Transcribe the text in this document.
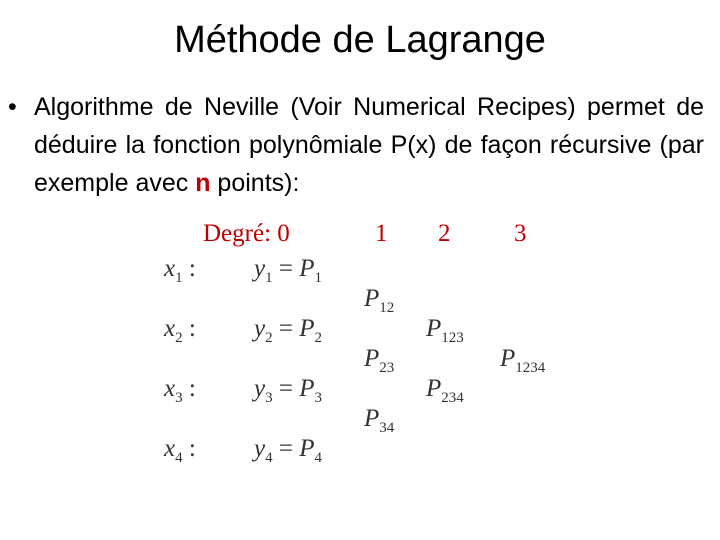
Méthode de Lagrange
• Algorithme de Neville (Voir Numerical Recipes) permet de déduire la fonction polynômiale P(x) de façon récursive (par exemple avec n points):
Degré: 0	1 2	3
$x_1$ : $y_1 = P_1$
$x_2$ : $y_2 = P_2$
$x_3$ : $y_3 = P_3$
$x_4$ : $y_4 = P_4$
$P_{12}$
$P_{23}$
$P_{34}$
$P_{123}$
$P_{234}$
$P_{1234}$
